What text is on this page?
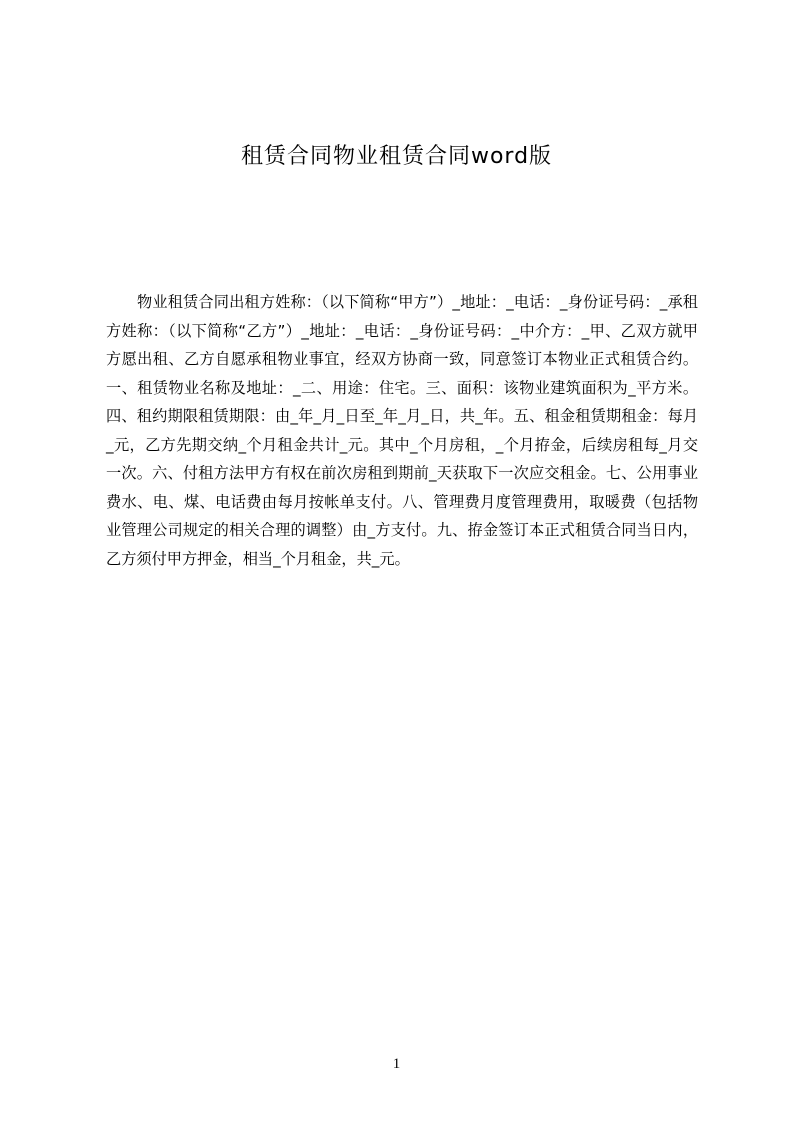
租赁合同物业租赁合同word版
物业租赁合同出租方姓称：（以下简称“甲方”）_地址：_电话：_身份证号码：_承租方姓称：（以下简称“乙方”）_地址：_电话：_身份证号码：_中介方：_甲、乙双方就甲方愿出租、乙方自愿承租物业事宜，经双方协商一致，同意签订本物业正式租赁合约。一、租赁物业名称及地址：_二、用途：住宅。三、面积：该物业建筑面积为_平方米。四、租约期限租赁期限：由_年_月_日至_年_月_日，共_年。五、租金租赁期租金：每月_元，乙方先期交纳_个月租金共计_元。其中_个月房租，_个月拵金，后续房租每_月交一次。六、付租方法甲方有权在前次房租到期前_天获取下一次应交租金。七、公用事业费水、电、煤、电话费由每月按帐单支付。八、管理费月度管理费用，取暖费（包括物业管理公司规定的相关合理的调整）由_方支付。九、拵金签订本正式租赁合同当日内，乙方须付甲方押金，相当_个月租金，共_元。
1
